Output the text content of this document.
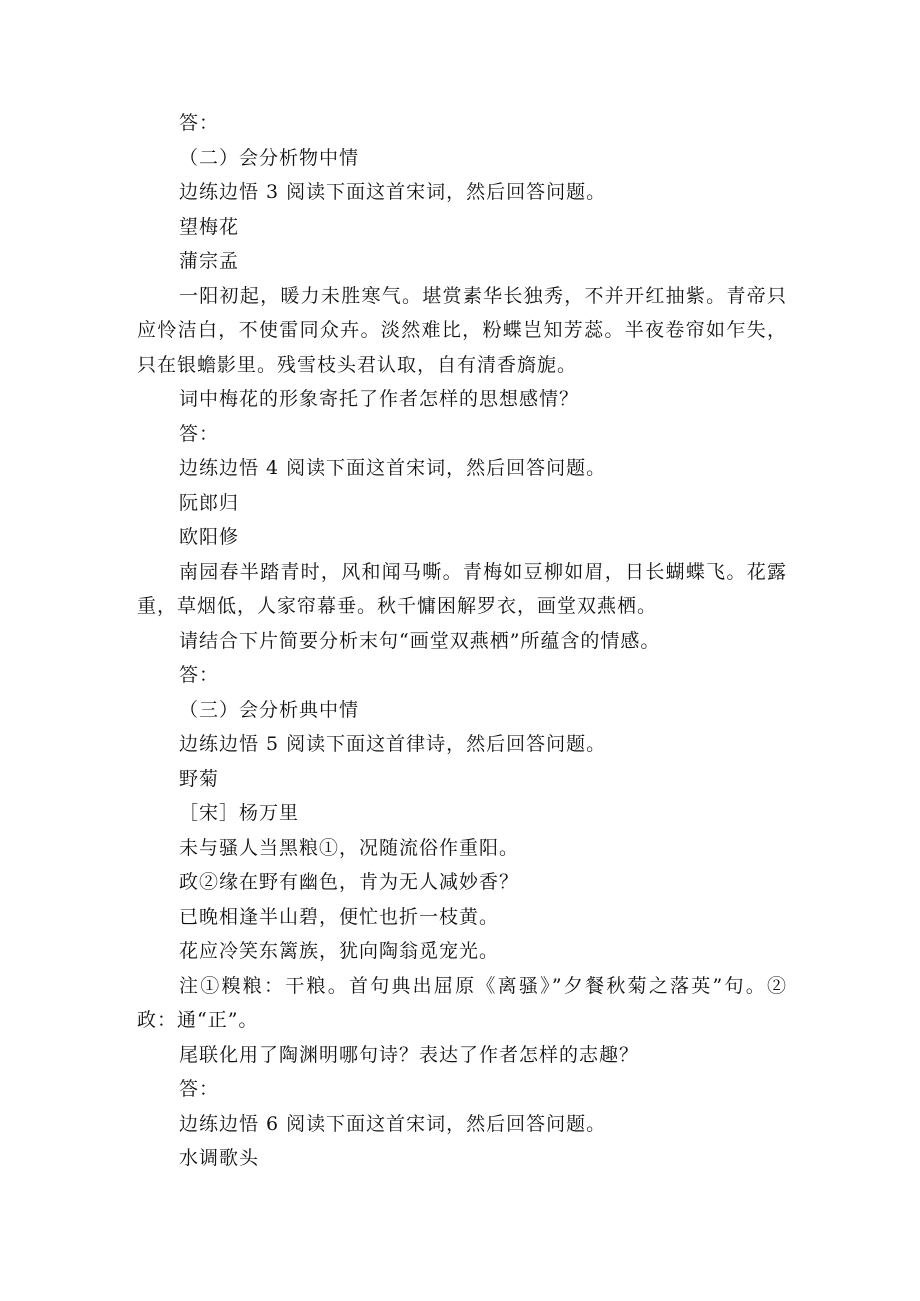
答：
（二）会分析物中情
边练边悟 3 阅读下面这首宋词，然后回答问题。
望梅花
蒲宗孟
一阳初起，暖力未胜寒气。堪赏素华长独秀，不并开红抽紫。青帝只应怜洁白，不使雷同众卉。淡然难比，粉蝶岂知芳蕊。半夜卷帘如乍失，只在银蟾影里。残雪枝头君认取，自有清香旖旎。
词中梅花的形象寄托了作者怎样的思想感情？
答：
边练边悟 4 阅读下面这首宋词，然后回答问题。
阮郎归
欧阳修
南园春半踏青时，风和闻马嘶。青梅如豆柳如眉，日长蝴蝶飞。花露重，草烟低，人家帘幕垂。秋千慵困解罗衣，画堂双燕栖。
请结合下片简要分析末句“画堂双燕栖”所蕴含的情感。
答：
（三）会分析典中情
边练边悟 5 阅读下面这首律诗，然后回答问题。
野菊
［宋］杨万里
未与骚人当黑粮①，况随流俗作重阳。
政②缘在野有幽色，肯为无人减妙香？
已晚相逢半山碧，便忙也折一枝黄。
花应冷笑东篱族，犹向陶翁觅宠光。
注①糗粮：干粮。首句典出屈原《离骚》”夕餐秋菊之落英”句。②政：通“正”。
尾联化用了陶渊明哪句诗？表达了作者怎样的志趣？
答：
边练边悟 6 阅读下面这首宋词，然后回答问题。
水调歌头
